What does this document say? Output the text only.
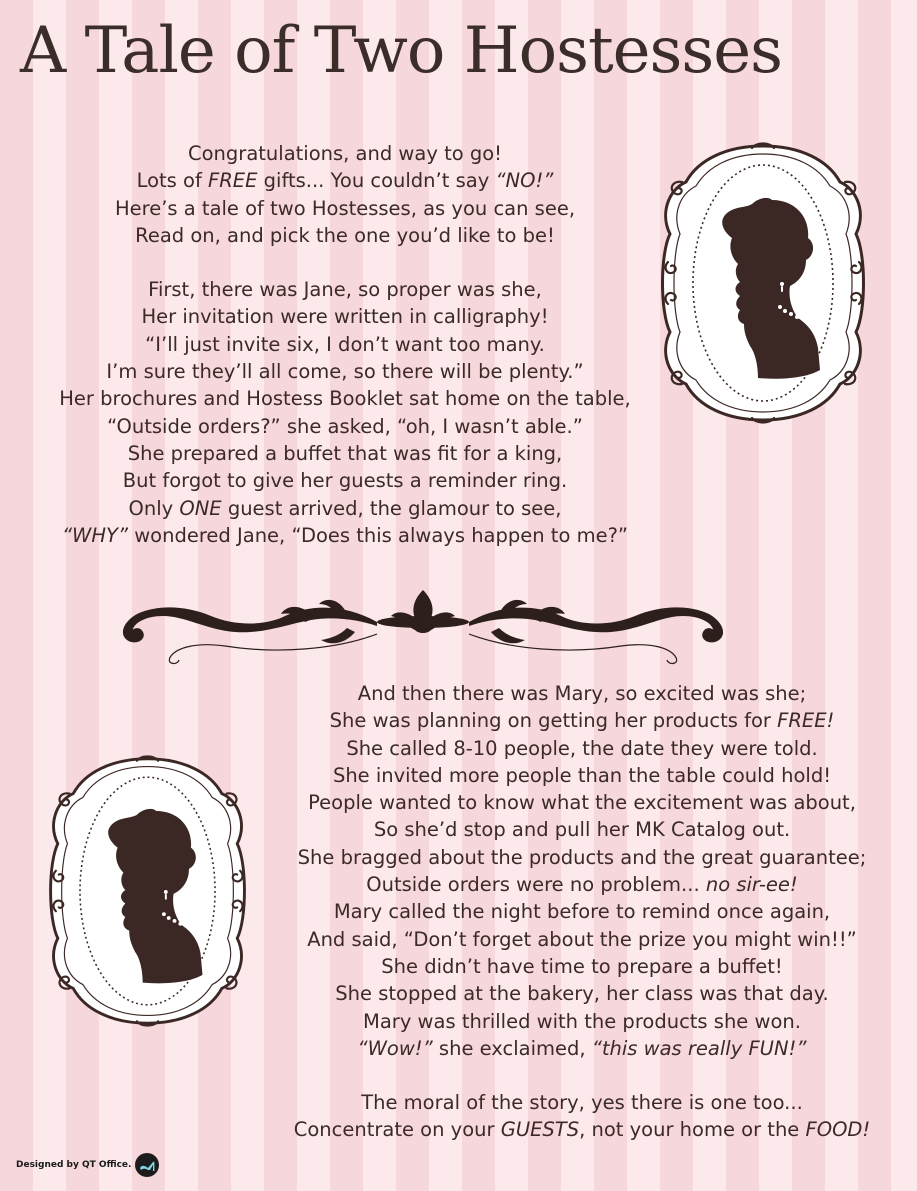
A Tale of Two Hostesses

Congratulations, and way to go!

Lots of FREE gifts... You couldn’t say “NO!”

Here’s a tale of two Hostesses, as you can see,

Read on, and pick the one you’d like to be!

First, there was Jane, so proper was she,

Her invitation were written in calligraphy!

“I’ll just invite six, I don’t want too many.

I’m sure they’ll all come, so there will be plenty.”

Her brochures and Hostess Booklet sat home on the table,

“Outside orders?” she asked, “oh, I wasn’t able.”

She prepared a buffet that was fit for a king,

But forgot to give her guests a reminder ring.

Only ONE guest arrived, the glamour to see,

“WHY” wondered Jane, “Does this always happen to me?”

And then there was Mary, so excited was she;

She was planning on getting her products for FREE!

She called 8-10 people, the date they were told.

She invited more people than the table could hold!

People wanted to know what the excitement was about,

So she’d stop and pull her MK Catalog out.

She bragged about the products and the great guarantee;

Outside orders were no problem... no sir-ee!

Mary called the night before to remind once again,

And said, “Don’t forget about the prize you might win!!”

She didn’t have time to prepare a buffet!

She stopped at the bakery, her class was that day.

Mary was thrilled with the products she won.

“Wow!” she exclaimed, “this was really FUN!”

The moral of the story, yes there is one too...

Concentrate on your GUESTS, not your home or the FOOD!

Designed by QT Office.
